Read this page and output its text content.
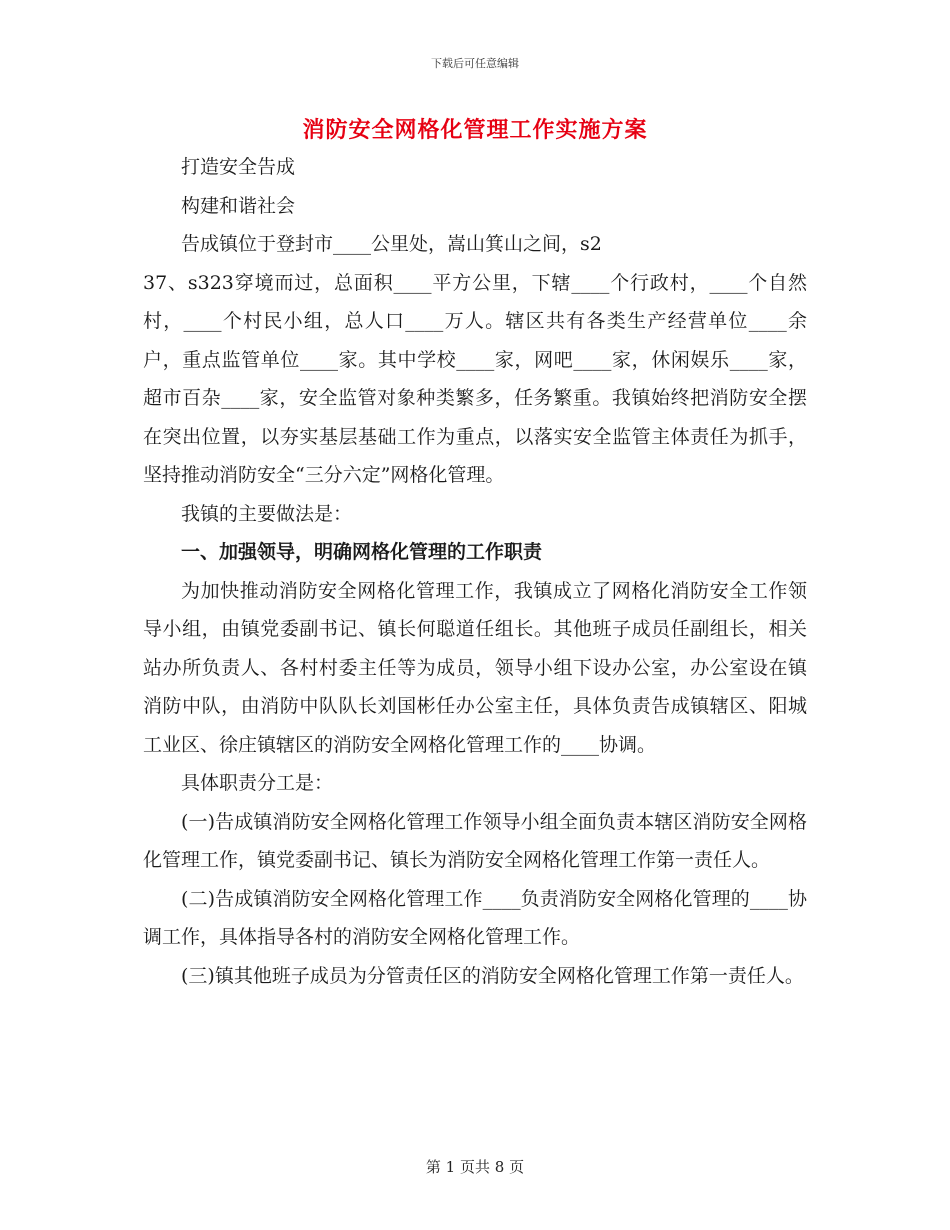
下载后可任意编辑
消防安全网格化管理工作实施方案

打造安全告成

构建和谐社会

告成镇位于登封市____公里处，嵩山箕山之间，s2

37、s323穿境而过，总面积____平方公里，下辖____个行政村，____个自然村，____个村民小组，总人口____万人。辖区共有各类生产经营单位____余户，重点监管单位____家。其中学校____家，网吧____家，休闲娱乐____家，超市百杂____家，安全监管对象种类繁多，任务繁重。我镇始终把消防安全摆在突出位置，以夯实基层基础工作为重点，以落实安全监管主体责任为抓手，坚持推动消防安全“三分六定”网格化管理。

我镇的主要做法是：

一、加强领导，明确网格化管理的工作职责

为加快推动消防安全网格化管理工作，我镇成立了网格化消防安全工作领导小组，由镇党委副书记、镇长何聪道任组长。其他班子成员任副组长，相关站办所负责人、各村村委主任等为成员，领导小组下设办公室，办公室设在镇消防中队，由消防中队队长刘国彬任办公室主任，具体负责告成镇辖区、阳城工业区、徐庄镇辖区的消防安全网格化管理工作的____协调。

具体职责分工是：

(一)告成镇消防安全网格化管理工作领导小组全面负责本辖区消防安全网格化管理工作，镇党委副书记、镇长为消防安全网格化管理工作第一责任人。

(二)告成镇消防安全网格化管理工作____负责消防安全网格化管理的____协调工作，具体指导各村的消防安全网格化管理工作。

(三)镇其他班子成员为分管责任区的消防安全网格化管理工作第一责任人。

第 1 页共 8 页
